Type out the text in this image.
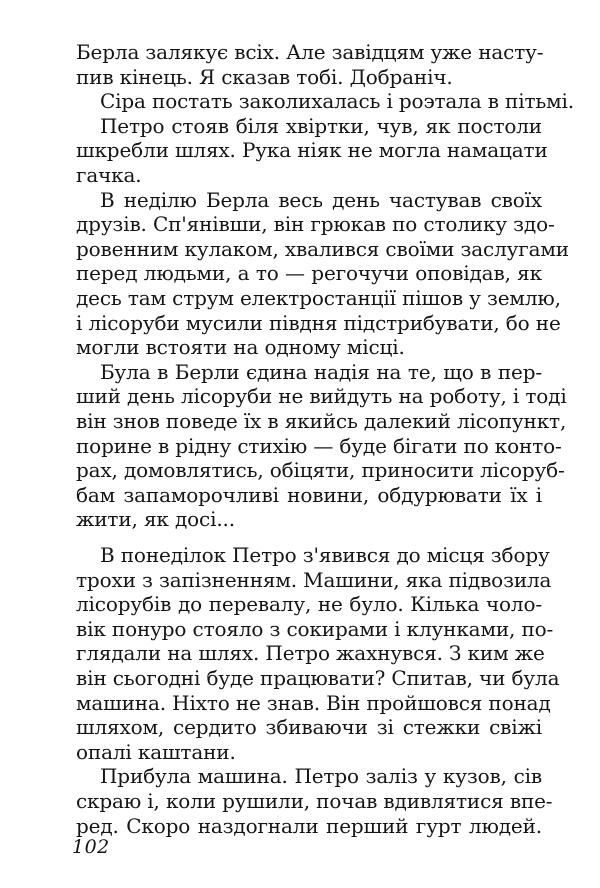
Берла залякує всіх. Але завідцям уже насту-
пив кінець. Я сказав тобі. Добраніч.
Сіра постать заколихалась і роэтала в пітьмі.
Петро стояв біля хвіртки, чув, як постоли
шкребли шлях. Рука ніяк не могла намацати
гачка.
В неділю Берла весь день частував своїх
друзів. Сп'янівши, він грюкав по столику здо-
ровенним кулаком, хвалився своїми заслугами
перед людьми, а то — регочучи оповідав, як
десь там струм електростанції пішов у землю,
і лісоруби мусили півдня підстрибувати, бо не
могли встояти на одному місці.
Була в Берли єдина надія на те, що в пер-
ший день лісоруби не вийдуть на роботу, і тоді
він знов поведе їх в якийсь далекий лісопункт,
порине в рідну стихію — буде бігати по конто-
рах, домовлятись, обіцяти, приносити лісоруб-
бам запаморочливі новини, обдурювати їх і
жити, як досі...
В понеділок Петро з'явився до місця збору
трохи з запізненням. Машини, яка підвозила
лісорубів до перевалу, не було. Кілька чоло-
вік понуро стояло з сокирами і клунками, по-
глядали на шлях. Петро жахнувся. З ким же
він сьогодні буде працювати? Спитав, чи була
машина. Ніхто не знав. Він пройшовся понад
шляхом, сердито збиваючи зі стежки свіжі
опалі каштани.
Прибула машина. Петро заліз у кузов, сів
скраю і, коли рушили, почав вдивлятися впе-
ред. Скоро наздогнали перший гурт людей.
102
